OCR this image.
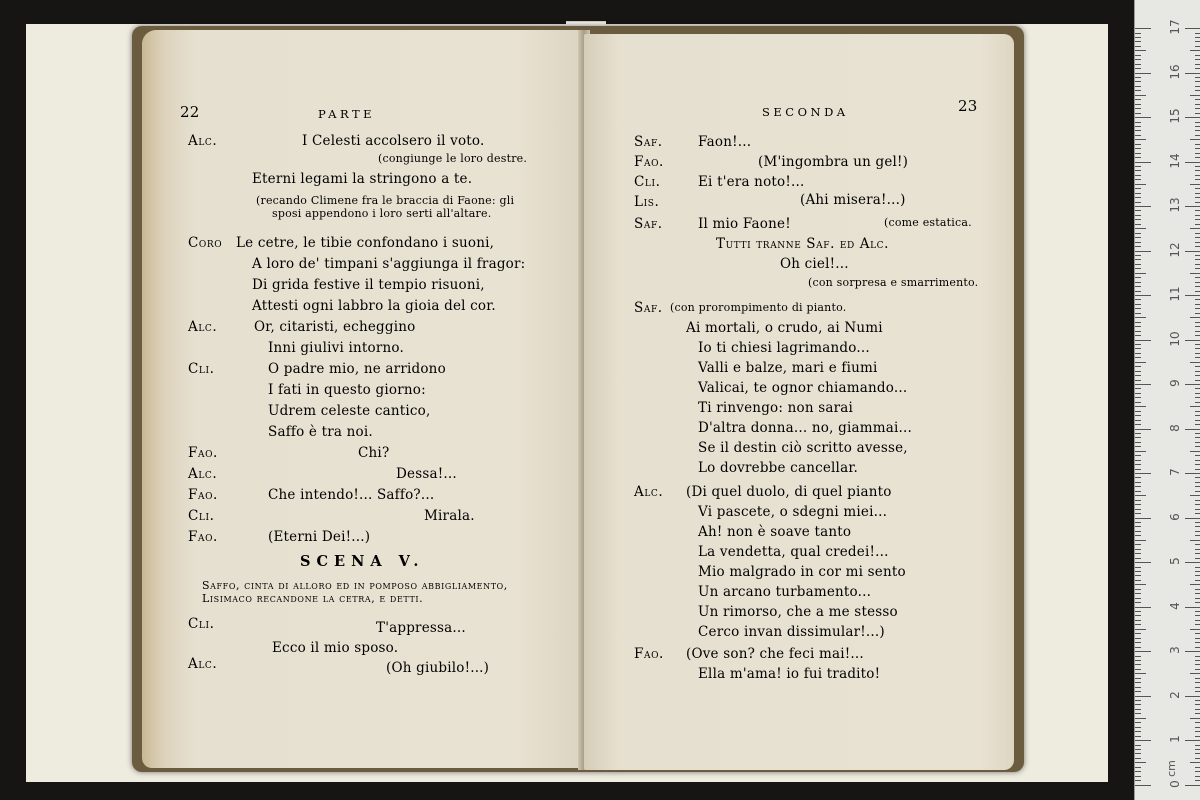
22	PARTE
Alc.	I Celesti accolsero il voto.
(congiunge le loro destre.
Eterni legami la stringono a te.
(recando Climene fra le braccia di Faone: gli
sposi appendono i loro serti all'altare.
Coro Le cetre, le tibie confondano i suoni,
A loro de' timpani s'aggiunga il fragor:
Di grida festive il tempio risuoni,
Attesti ogni labbro la gioia del cor.
Alc.	Or, citaristi, echeggino
Inni giulivi intorno.
Cli.	O padre mio, ne arridono
I fati in questo giorno:
Udrem celeste cantico,
Saffo è tra noi.
Fao.	Chi?
Alc.	Dessa!...
Fao.	Che intendo!... Saffo?...
Cli.	Mirala.
Fao.	(Eterni Dei!...)
SCENA V.
Saffo, cinta di alloro ed in pomposo abbigliamento,
Lisimaco recandone la cetra, e detti.
Cli.	T'appressa...
Ecco il mio sposo.
Alc.	(Oh giubilo!...)
SECONDA	23
Saf.	Faon!...
Fao.	(M'ingombra un gel!)
Cli.	Ei t'era noto!...
Lis.	(Ahi misera!...)
Saf.	Il mio Faone!	(come estatica.
Tutti tranne Saf. ed Alc.
Oh ciel!...
(con sorpresa e smarrimento.
Saf. (con prorompimento di pianto.
Ai mortali, o crudo, ai Numi
Io ti chiesi lagrimando...
Valli e balze, mari e fiumi
Valicai, te ognor chiamando...
Ti rinvengo: non sarai
D'altra donna... no, giammai...
Se il destin ciò scritto avesse,
Lo dovrebbe cancellar.
Alc. (Di quel duolo, di quel pianto
Vi pascete, o sdegni miei...
Ah! non è soave tanto
La vendetta, qual credei!...
Mio malgrado in cor mi sento
Un arcano turbamento...
Un rimorso, che a me stesso
Cerco invan dissimular!...)
Fao. (Ove son? che feci mai!...
Ella m'ama! io fui tradito!
17
16
15
14
13
12
11
10
9
8
7
6
5
4
3
2
1
0
cm
